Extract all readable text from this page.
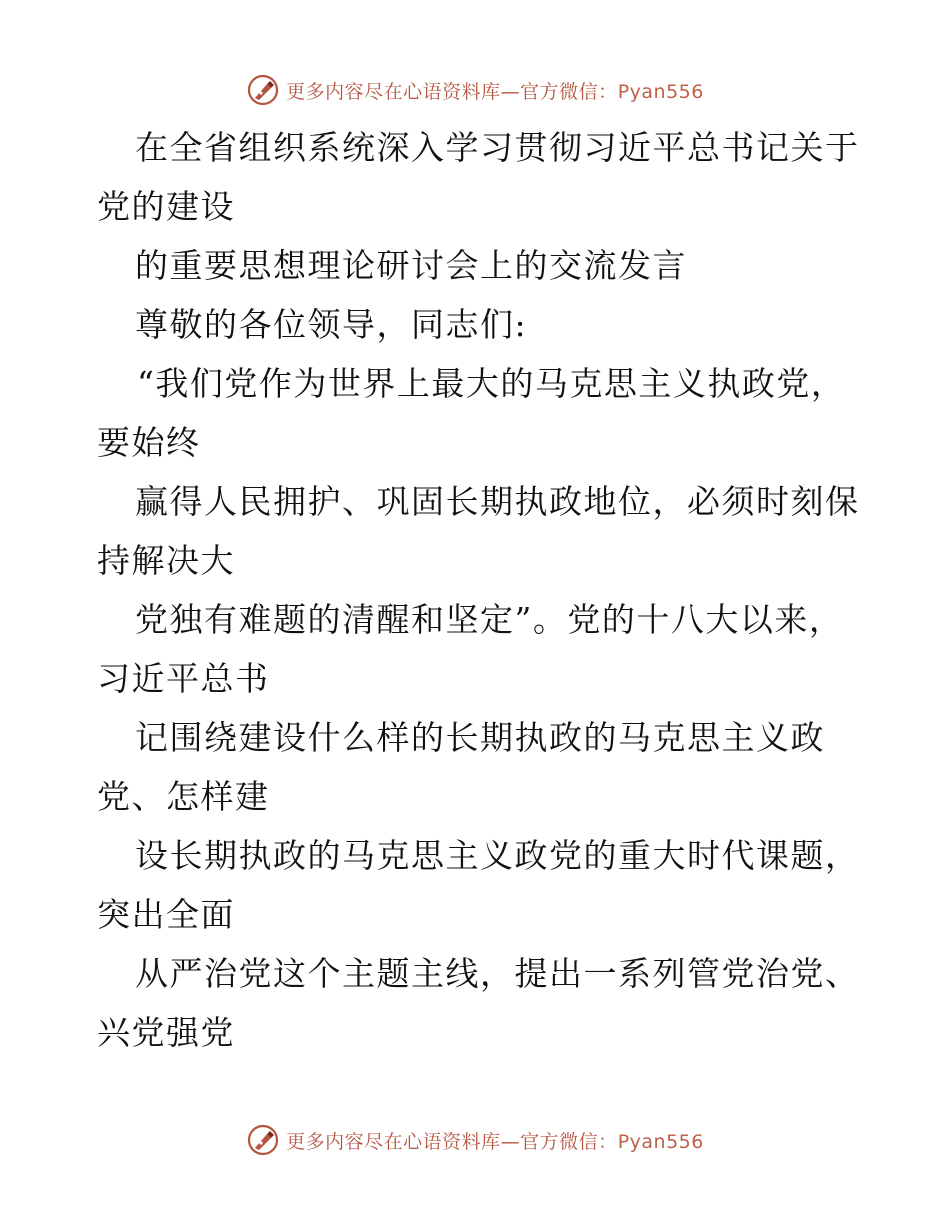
更多内容尽在心语资料库—官方微信：Pyan556
在全省组织系统深入学习贯彻习近平总书记关于
党的建设
的重要思想理论研讨会上的交流发言
尊敬的各位领导，同志们:
“我们党作为世界上最大的马克思主义执政党，
要始终
赢得人民拥护、巩固长期执政地位，必须时刻保
持解决大
党独有难题的清醒和坚定”。党的十八大以来，
习近平总书
记围绕建设什么样的长期执政的马克思主义政
党、怎样建
设长期执政的马克思主义政党的重大时代课题，
突出全面
从严治党这个主题主线，提出一系列管党治党、
兴党强党
更多内容尽在心语资料库—官方微信：Pyan556
